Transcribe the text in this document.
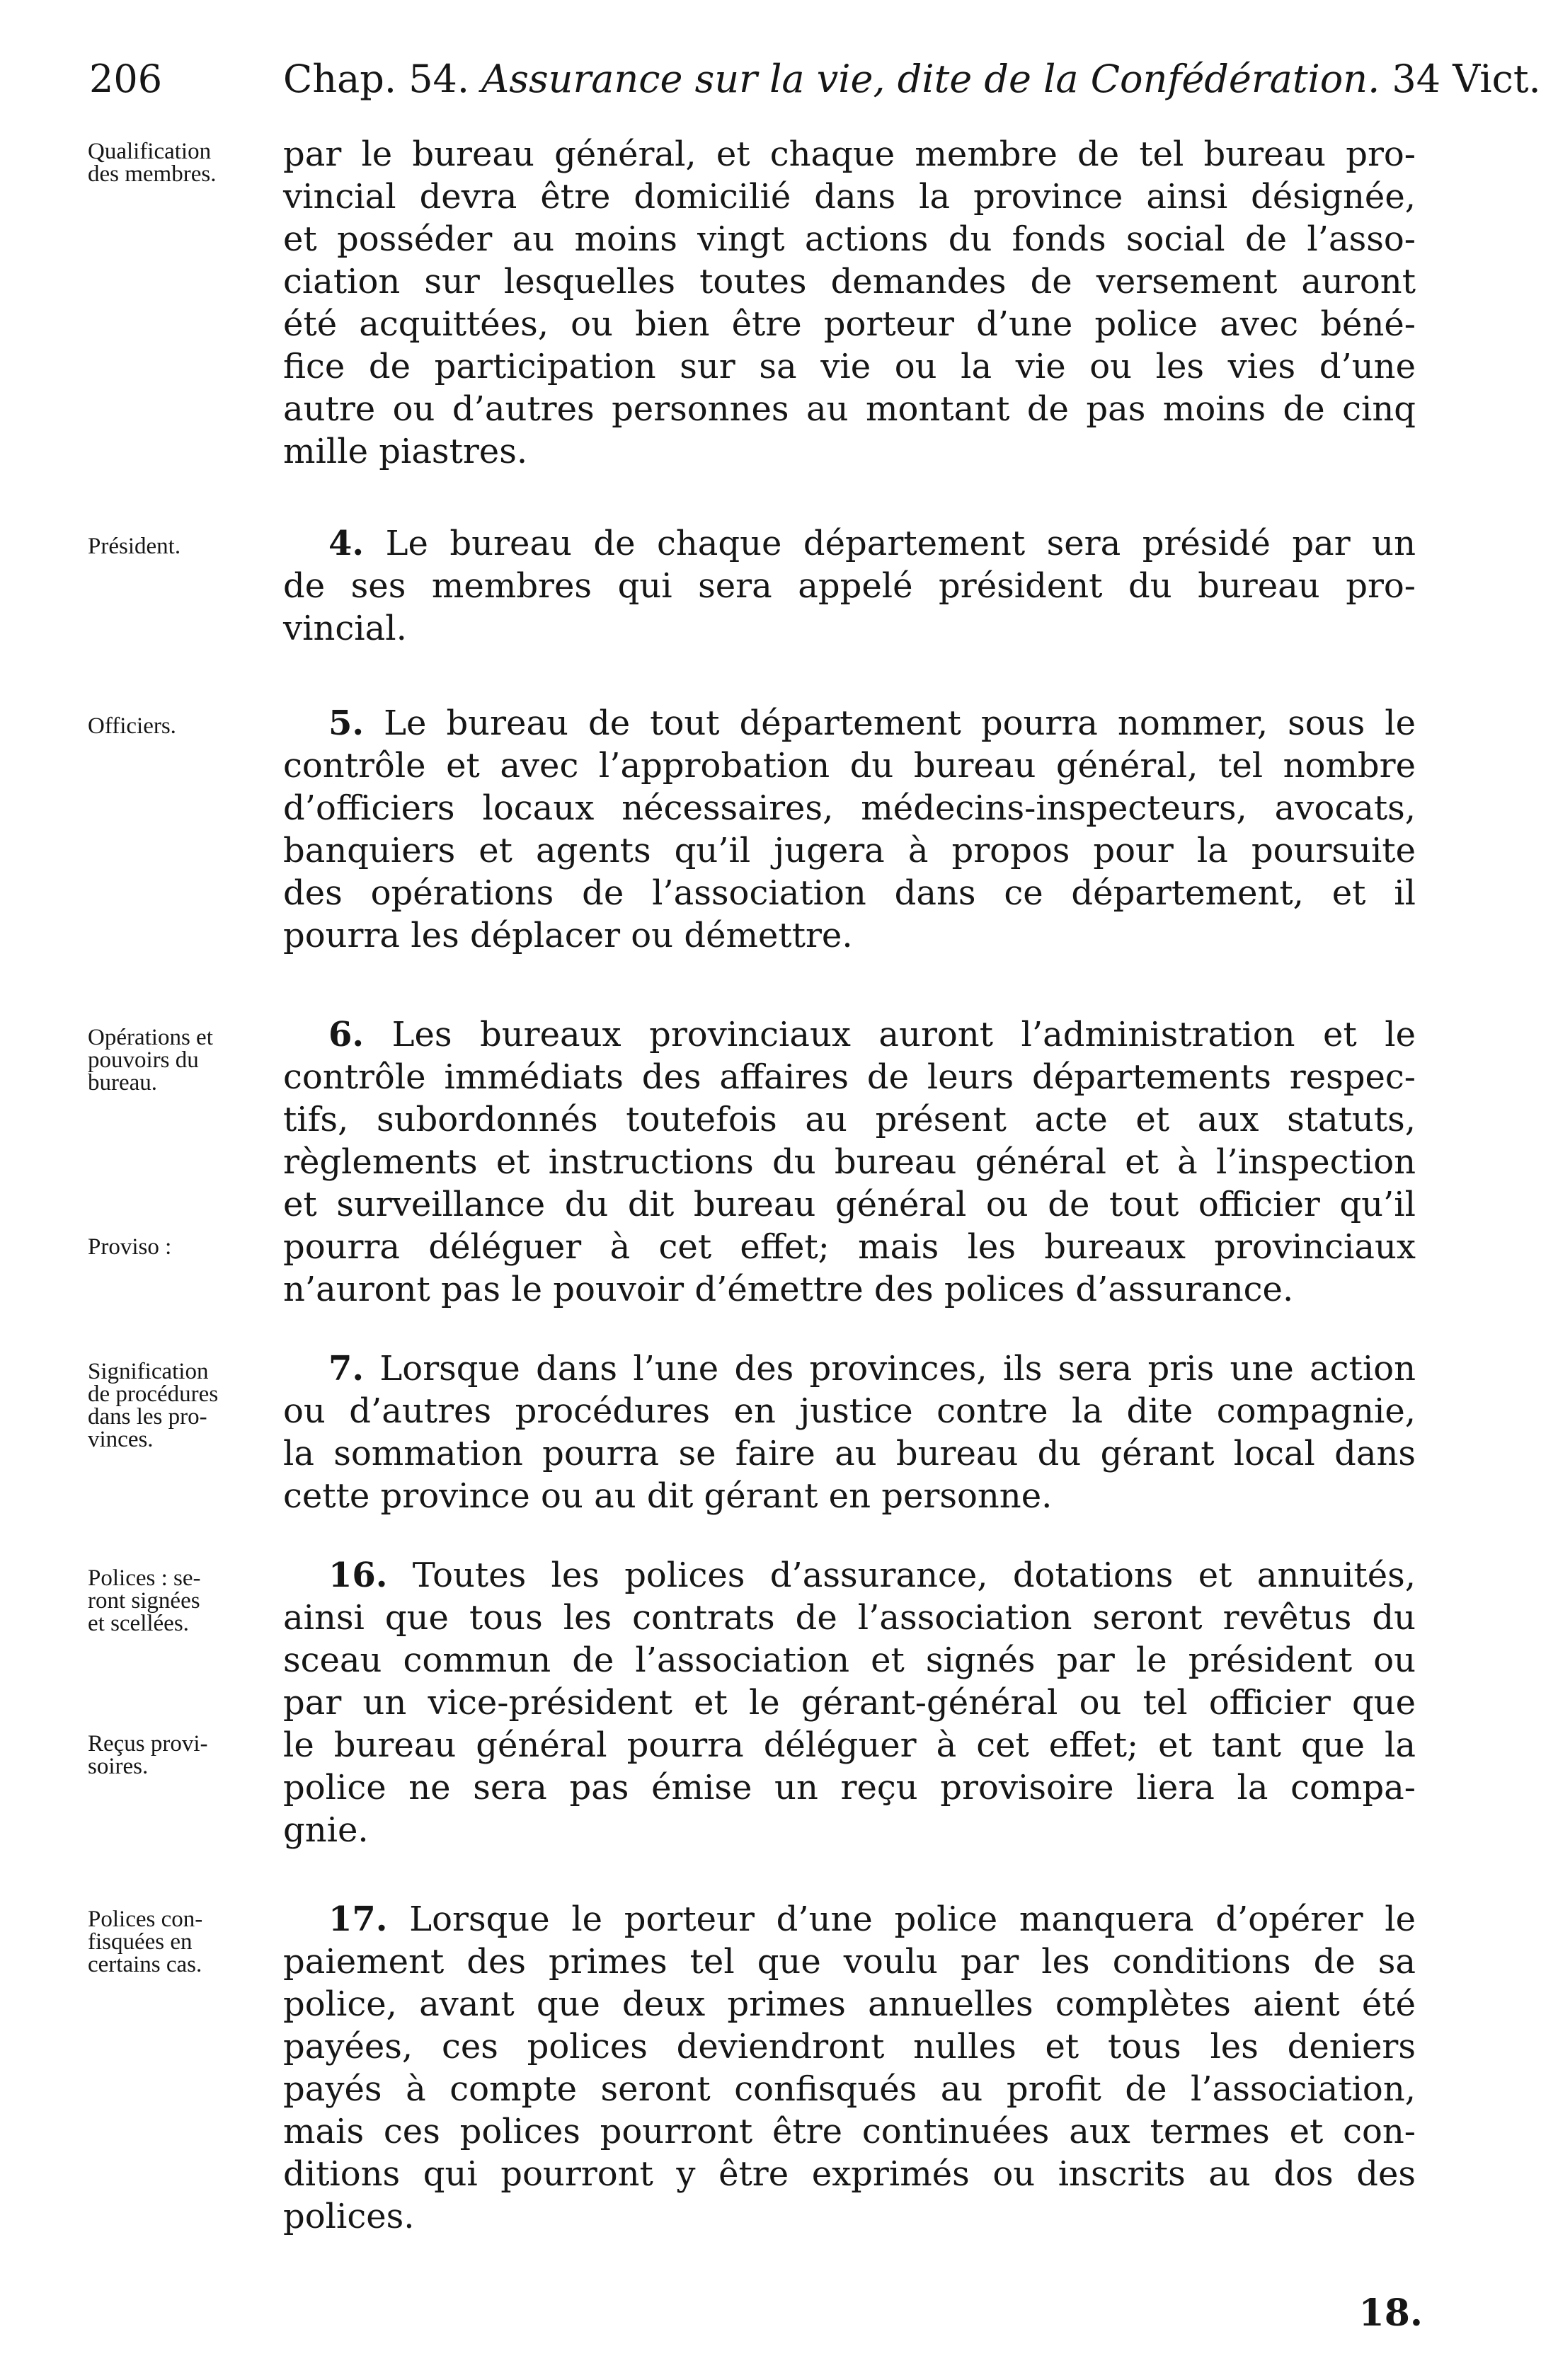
206	Chap. 54. Assurance sur la vie, dite de la Confédération. 34 Vict.
Qualification
des membres.	par le bureau général, et chaque membre de tel bureau pro-
vincial devra être domicilié dans la province ainsi désignée,
et posséder au moins vingt actions du fonds social de l’asso-
ciation sur lesquelles toutes demandes de versement auront
été acquittées, ou bien être porteur d’une police avec béné-
fice de participation sur sa vie ou la vie ou les vies d’une
autre ou d’autres personnes au montant de pas moins de cinq
mille piastres.
Président.	4. Le bureau de chaque département sera présidé par un
de ses membres qui sera appelé président du bureau pro-
vincial.
Officiers.	5. Le bureau de tout département pourra nommer, sous le
contrôle et avec l’approbation du bureau général, tel nombre
d’officiers locaux nécessaires, médecins-inspecteurs, avocats,
banquiers et agents qu’il jugera à propos pour la poursuite
des opérations de l’association dans ce département, et il
pourra les déplacer ou démettre.
Opérations et
pouvoirs du
bureau.
Proviso :
6. Les bureaux provinciaux auront l’administration et le
contrôle immédiats des affaires de leurs départements respec-
tifs, subordonnés toutefois au présent acte et aux statuts,
règlements et instructions du bureau général et à l’inspection
et surveillance du dit bureau général ou de tout officier qu’il
pourra déléguer à cet effet; mais les bureaux provinciaux
n’auront pas le pouvoir d’émettre des polices d’assurance.
Signification
de procédures
dans les pro-
vinces.
7. Lorsque dans l’une des provinces, ils sera pris une action
ou d’autres procédures en justice contre la dite compagnie,
la sommation pourra se faire au bureau du gérant local dans
cette province ou au dit gérant en personne.
Polices : se-
ront signées
et scellées.
Reçus provi-
soires.
16. Toutes les polices d’assurance, dotations et annuités,
ainsi que tous les contrats de l’association seront revêtus du
sceau commun de l’association et signés par le président ou
par un vice-président et le gérant-général ou tel officier que
le bureau général pourra déléguer à cet effet; et tant que la
police ne sera pas émise un reçu provisoire liera la compa-
gnie.
Polices con-
fisquées en
certains cas.
17. Lorsque le porteur d’une police manquera d’opérer le
paiement des primes tel que voulu par les conditions de sa
police, avant que deux primes annuelles complètes aient été
payées, ces polices deviendront nulles et tous les deniers
payés à compte seront confisqués au profit de l’association,
mais ces polices pourront être continuées aux termes et con-
ditions qui pourront y être exprimés ou inscrits au dos des
polices.
18.
